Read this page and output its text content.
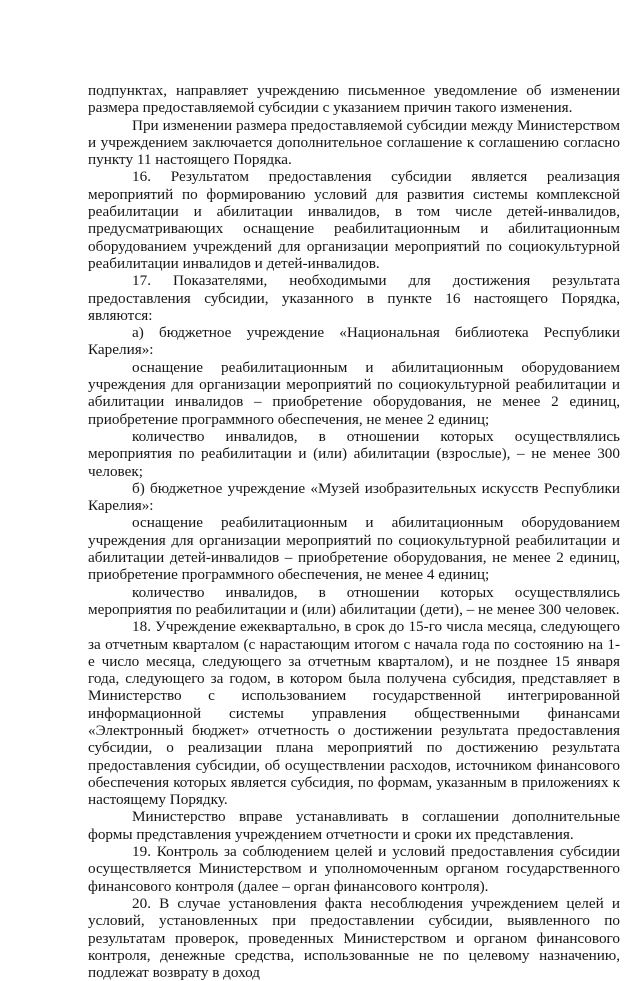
подпунктах, направляет учреждению письменное уведомление об изменении размера предоставляемой субсидии с указанием причин такого изменения.

При изменении размера предоставляемой субсидии между Министерством и учреждением заключается дополнительное соглашение к соглашению согласно пункту 11 настоящего Порядка.

16. Результатом предоставления субсидии является реализация мероприятий по формированию условий для развития системы комплексной реабилитации и абилитации инвалидов, в том числе детей-инвалидов, предусматривающих оснащение реабилитационным и абилитационным оборудованием учреждений для организации мероприятий по социокультурной реабилитации инвалидов и детей-инвалидов.

17. Показателями, необходимыми для достижения результата предоставления субсидии, указанного в пункте 16 настоящего Порядка, являются:

а) бюджетное учреждение «Национальная библиотека Республики Карелия»:

оснащение реабилитационным и абилитационным оборудованием учреждения для организации мероприятий по социокультурной реабилитации и абилитации инвалидов – приобретение оборудования, не менее 2 единиц, приобретение программного обеспечения, не менее 2 единиц;

количество инвалидов, в отношении которых осуществлялись мероприятия по реабилитации и (или) абилитации (взрослые), – не менее 300 человек;

б) бюджетное учреждение «Музей изобразительных искусств Республики Карелия»:

оснащение реабилитационным и абилитационным оборудованием учреждения для организации мероприятий по социокультурной реабилитации и абилитации детей-инвалидов – приобретение оборудования, не менее 2 единиц, приобретение программного обеспечения, не менее 4 единиц;

количество инвалидов, в отношении которых осуществлялись мероприятия по реабилитации и (или) абилитации (дети), – не менее 300 человек.

18. Учреждение ежеквартально, в срок до 15-го числа месяца, следующего за отчетным кварталом (с нарастающим итогом с начала года по состоянию на 1-е число месяца, следующего за отчетным кварталом), и не позднее 15 января года, следующего за годом, в котором была получена субсидия, представляет в Министерство с использованием государственной интегрированной информационной системы управления общественными финансами «Электронный бюджет» отчетность о достижении результата предоставления субсидии, о реализации плана мероприятий по достижению результата предоставления субсидии, об осуществлении расходов, источником финансового обеспечения которых является субсидия, по формам, указанным в приложениях к настоящему Порядку.

Министерство вправе устанавливать в соглашении дополнительные формы представления учреждением отчетности и сроки их представления.

19. Контроль за соблюдением целей и условий предоставления субсидии осуществляется Министерством и уполномоченным органом государственного финансового контроля (далее – орган финансового контроля).

20. В случае установления факта несоблюдения учреждением целей и условий, установленных при предоставлении субсидии, выявленного по результатам проверок, проведенных Министерством и органом финансового контроля, денежные средства, использованные не по целевому назначению, подлежат возврату в доход
